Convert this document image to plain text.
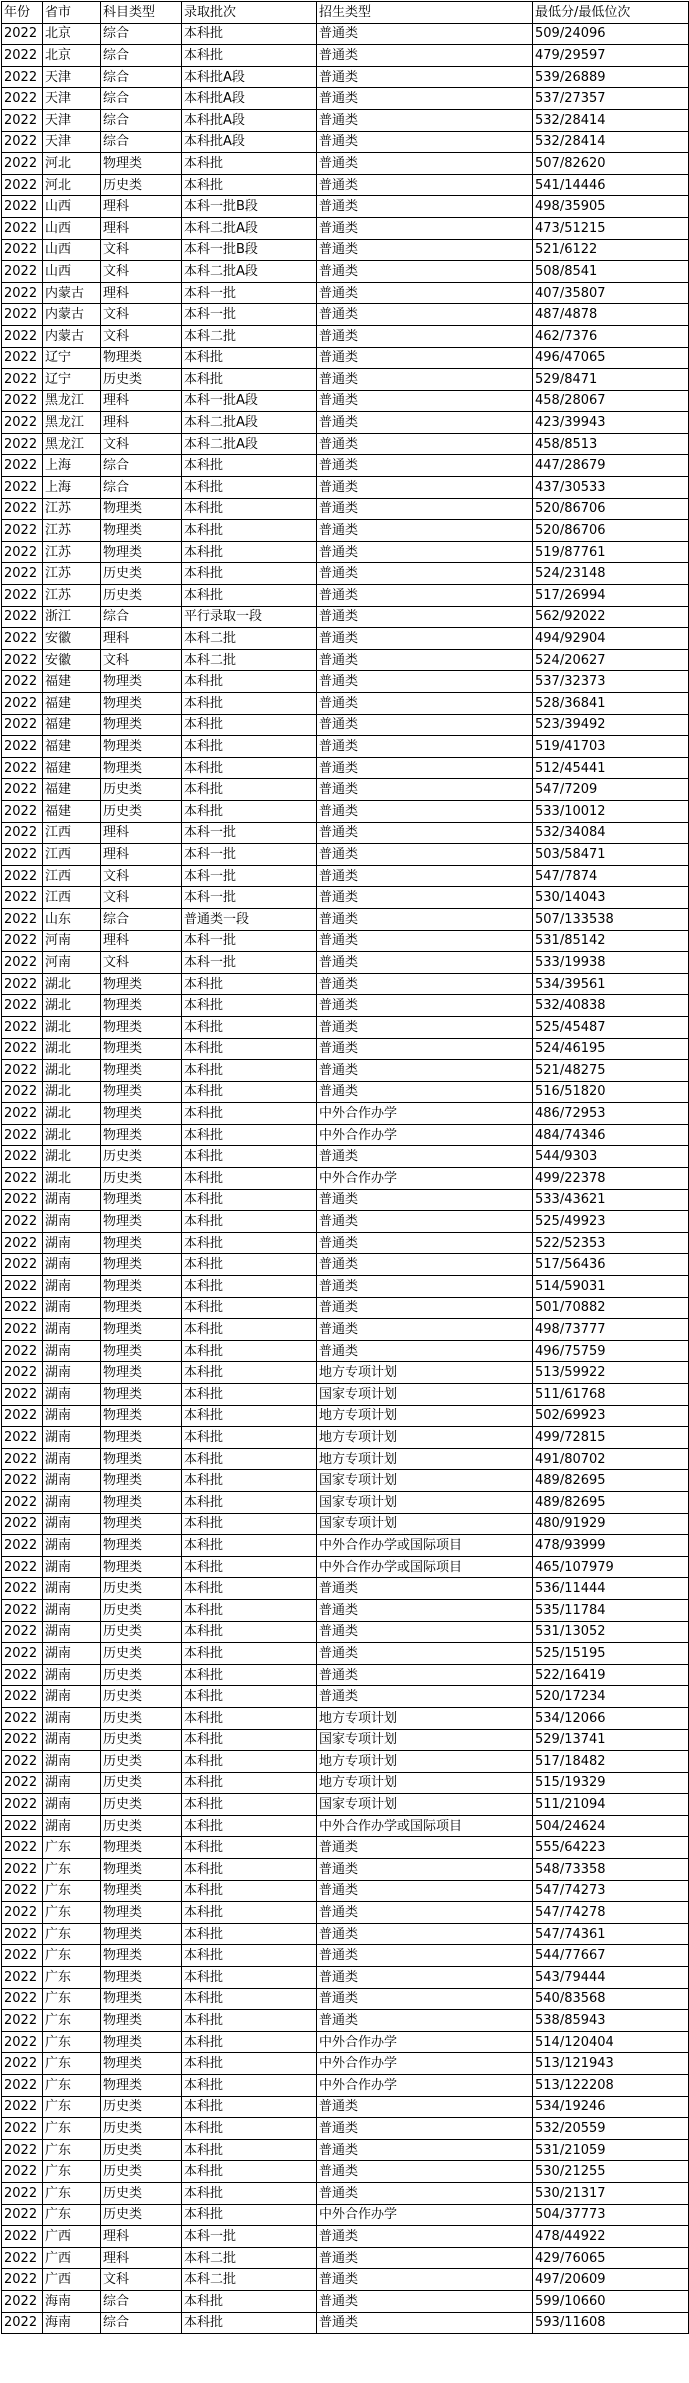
年份	省市	科目类型	录取批次	招生类型	最低分/最低位次
2022	北京	综合	本科批	普通类	509/24096
2022	北京	综合	本科批	普通类	479/29597
2022	天津	综合	本科批A段	普通类	539/26889
2022	天津	综合	本科批A段	普通类	537/27357
2022	天津	综合	本科批A段	普通类	532/28414
2022	天津	综合	本科批A段	普通类	532/28414
2022	河北	物理类	本科批	普通类	507/82620
2022	河北	历史类	本科批	普通类	541/14446
2022	山西	理科	本科一批B段	普通类	498/35905
2022	山西	理科	本科二批A段	普通类	473/51215
2022	山西	文科	本科一批B段	普通类	521/6122
2022	山西	文科	本科二批A段	普通类	508/8541
2022	内蒙古	理科	本科一批	普通类	407/35807
2022	内蒙古	文科	本科一批	普通类	487/4878
2022	内蒙古	文科	本科二批	普通类	462/7376
2022	辽宁	物理类	本科批	普通类	496/47065
2022	辽宁	历史类	本科批	普通类	529/8471
2022	黑龙江	理科	本科一批A段	普通类	458/28067
2022	黑龙江	理科	本科二批A段	普通类	423/39943
2022	黑龙江	文科	本科二批A段	普通类	458/8513
2022	上海	综合	本科批	普通类	447/28679
2022	上海	综合	本科批	普通类	437/30533
2022	江苏	物理类	本科批	普通类	520/86706
2022	江苏	物理类	本科批	普通类	520/86706
2022	江苏	物理类	本科批	普通类	519/87761
2022	江苏	历史类	本科批	普通类	524/23148
2022	江苏	历史类	本科批	普通类	517/26994
2022	浙江	综合	平行录取一段	普通类	562/92022
2022	安徽	理科	本科二批	普通类	494/92904
2022	安徽	文科	本科二批	普通类	524/20627
2022	福建	物理类	本科批	普通类	537/32373
2022	福建	物理类	本科批	普通类	528/36841
2022	福建	物理类	本科批	普通类	523/39492
2022	福建	物理类	本科批	普通类	519/41703
2022	福建	物理类	本科批	普通类	512/45441
2022	福建	历史类	本科批	普通类	547/7209
2022	福建	历史类	本科批	普通类	533/10012
2022	江西	理科	本科一批	普通类	532/34084
2022	江西	理科	本科一批	普通类	503/58471
2022	江西	文科	本科一批	普通类	547/7874
2022	江西	文科	本科一批	普通类	530/14043
2022	山东	综合	普通类一段	普通类	507/133538
2022	河南	理科	本科一批	普通类	531/85142
2022	河南	文科	本科一批	普通类	533/19938
2022	湖北	物理类	本科批	普通类	534/39561
2022	湖北	物理类	本科批	普通类	532/40838
2022	湖北	物理类	本科批	普通类	525/45487
2022	湖北	物理类	本科批	普通类	524/46195
2022	湖北	物理类	本科批	普通类	521/48275
2022	湖北	物理类	本科批	普通类	516/51820
2022	湖北	物理类	本科批	中外合作办学	486/72953
2022	湖北	物理类	本科批	中外合作办学	484/74346
2022	湖北	历史类	本科批	普通类	544/9303
2022	湖北	历史类	本科批	中外合作办学	499/22378
2022	湖南	物理类	本科批	普通类	533/43621
2022	湖南	物理类	本科批	普通类	525/49923
2022	湖南	物理类	本科批	普通类	522/52353
2022	湖南	物理类	本科批	普通类	517/56436
2022	湖南	物理类	本科批	普通类	514/59031
2022	湖南	物理类	本科批	普通类	501/70882
2022	湖南	物理类	本科批	普通类	498/73777
2022	湖南	物理类	本科批	普通类	496/75759
2022	湖南	物理类	本科批	地方专项计划	513/59922
2022	湖南	物理类	本科批	国家专项计划	511/61768
2022	湖南	物理类	本科批	地方专项计划	502/69923
2022	湖南	物理类	本科批	地方专项计划	499/72815
2022	湖南	物理类	本科批	地方专项计划	491/80702
2022	湖南	物理类	本科批	国家专项计划	489/82695
2022	湖南	物理类	本科批	国家专项计划	489/82695
2022	湖南	物理类	本科批	国家专项计划	480/91929
2022	湖南	物理类	本科批	中外合作办学或国际项目	478/93999
2022	湖南	物理类	本科批	中外合作办学或国际项目	465/107979
2022	湖南	历史类	本科批	普通类	536/11444
2022	湖南	历史类	本科批	普通类	535/11784
2022	湖南	历史类	本科批	普通类	531/13052
2022	湖南	历史类	本科批	普通类	525/15195
2022	湖南	历史类	本科批	普通类	522/16419
2022	湖南	历史类	本科批	普通类	520/17234
2022	湖南	历史类	本科批	地方专项计划	534/12066
2022	湖南	历史类	本科批	国家专项计划	529/13741
2022	湖南	历史类	本科批	地方专项计划	517/18482
2022	湖南	历史类	本科批	地方专项计划	515/19329
2022	湖南	历史类	本科批	国家专项计划	511/21094
2022	湖南	历史类	本科批	中外合作办学或国际项目	504/24624
2022	广东	物理类	本科批	普通类	555/64223
2022	广东	物理类	本科批	普通类	548/73358
2022	广东	物理类	本科批	普通类	547/74273
2022	广东	物理类	本科批	普通类	547/74278
2022	广东	物理类	本科批	普通类	547/74361
2022	广东	物理类	本科批	普通类	544/77667
2022	广东	物理类	本科批	普通类	543/79444
2022	广东	物理类	本科批	普通类	540/83568
2022	广东	物理类	本科批	普通类	538/85943
2022	广东	物理类	本科批	中外合作办学	514/120404
2022	广东	物理类	本科批	中外合作办学	513/121943
2022	广东	物理类	本科批	中外合作办学	513/122208
2022	广东	历史类	本科批	普通类	534/19246
2022	广东	历史类	本科批	普通类	532/20559
2022	广东	历史类	本科批	普通类	531/21059
2022	广东	历史类	本科批	普通类	530/21255
2022	广东	历史类	本科批	普通类	530/21317
2022	广东	历史类	本科批	中外合作办学	504/37773
2022	广西	理科	本科一批	普通类	478/44922
2022	广西	理科	本科二批	普通类	429/76065
2022	广西	文科	本科二批	普通类	497/20609
2022	海南	综合	本科批	普通类	599/10660
2022	海南	综合	本科批	普通类	593/11608
